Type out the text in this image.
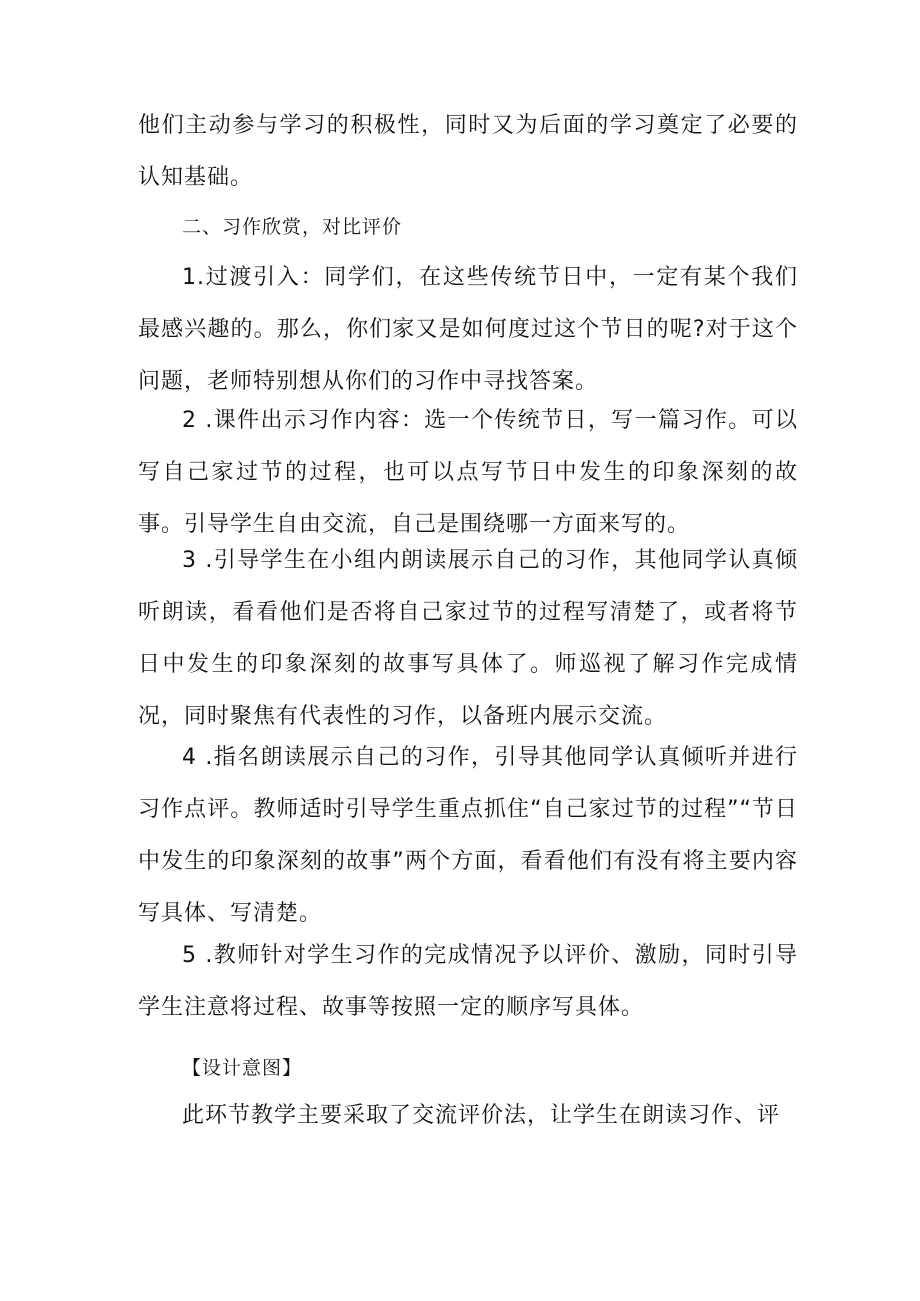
他们主动参与学习的积极性，同时又为后面的学习奠定了必要的认知基础。

二、习作欣赏，对比评价

1.过渡引入：同学们，在这些传统节日中，一定有某个我们最感兴趣的。那么，你们家又是如何度过这个节日的呢?对于这个问题，老师特别想从你们的习作中寻找答案。

2 .课件出示习作内容：选一个传统节日，写一篇习作。可以写自己家过节的过程，也可以点写节日中发生的印象深刻的故事。引导学生自由交流，自己是围绕哪一方面来写的。

3 .引导学生在小组内朗读展示自己的习作，其他同学认真倾听朗读，看看他们是否将自己家过节的过程写清楚了，或者将节日中发生的印象深刻的故事写具体了。师巡视了解习作完成情况，同时聚焦有代表性的习作，以备班内展示交流。

4 .指名朗读展示自己的习作，引导其他同学认真倾听并进行习作点评。教师适时引导学生重点抓住“自己家过节的过程”“节日中发生的印象深刻的故事”两个方面，看看他们有没有将主要内容写具体、写清楚。

5 .教师针对学生习作的完成情况予以评价、激励，同时引导学生注意将过程、故事等按照一定的顺序写具体。

【设计意图】

此环节教学主要采取了交流评价法，让学生在朗读习作、评
